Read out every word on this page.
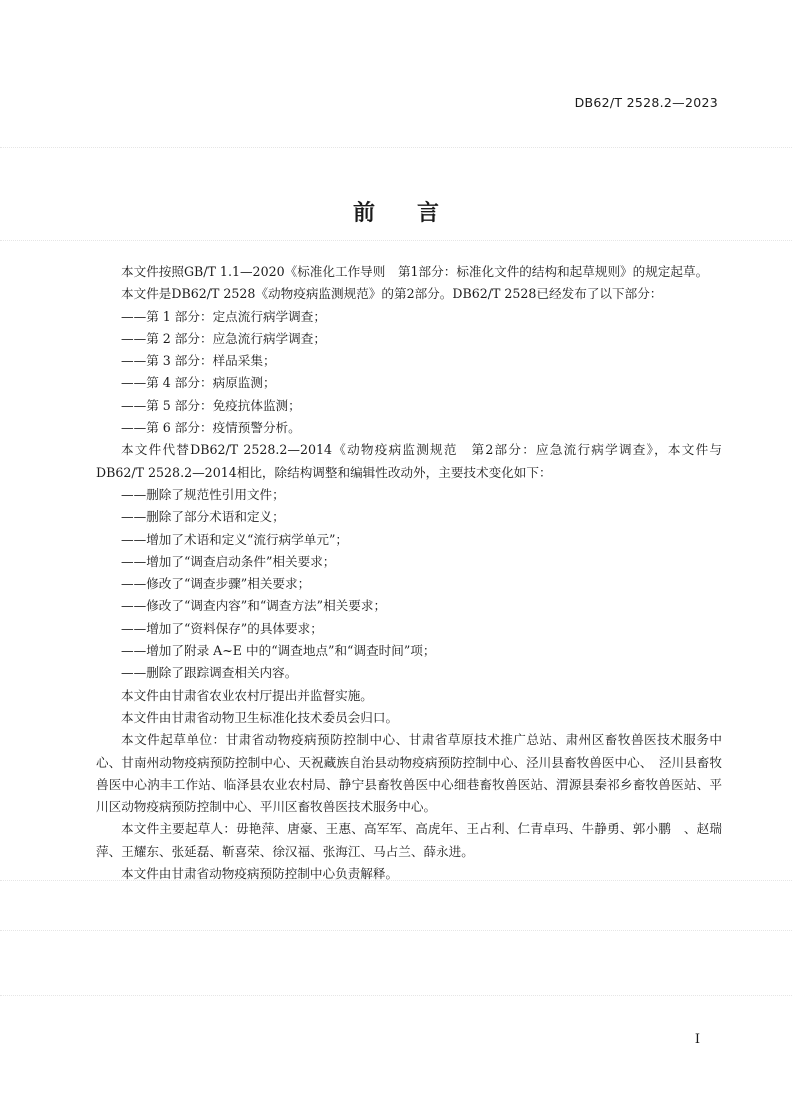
DB62/T 2528.2—2023
前言

本文件按照GB/T 1.1—2020《标准化工作导则　第1部分：标准化文件的结构和起草规则》的规定起草。

本文件是DB62/T 2528《动物疫病监测规范》的第2部分。DB62/T 2528已经发布了以下部分：

——第 1 部分：定点流行病学调查；

——第 2 部分：应急流行病学调查；

——第 3 部分：样品采集；

——第 4 部分：病原监测；

——第 5 部分：免疫抗体监测；

——第 6 部分：疫情预警分析。

本文件代替DB62/T 2528.2—2014《动物疫病监测规范　第2部分：应急流行病学调查》，本文件与DB62/T 2528.2—2014相比，除结构调整和编辑性改动外，主要技术变化如下：

——删除了规范性引用文件；

——删除了部分术语和定义；

——增加了术语和定义“流行病学单元”；

——增加了“调查启动条件”相关要求；

——修改了“调查步骤”相关要求；

——修改了“调查内容”和“调查方法”相关要求；

——增加了“资料保存”的具体要求；

——增加了附录 A~E 中的“调查地点”和“调查时间”项；

——删除了跟踪调查相关内容。

本文件由甘肃省农业农村厅提出并监督实施。

本文件由甘肃省动物卫生标准化技术委员会归口。

本文件起草单位：甘肃省动物疫病预防控制中心、甘肃省草原技术推广总站、肃州区畜牧兽医技术服务中心、甘南州动物疫病预防控制中心、天祝藏族自治县动物疫病预防控制中心、泾川县畜牧兽医中心、　泾川县畜牧兽医中心汭丰工作站、临泽县农业农村局、静宁县畜牧兽医中心细巷畜牧兽医站、渭源县秦祁乡畜牧兽医站、平川区动物疫病预防控制中心、平川区畜牧兽医技术服务中心。

本文件主要起草人：毋艳萍、唐豪、王惠、高军军、高虎年、王占利、仁青卓玛、牛静勇、郭小鹏　、赵瑞萍、王耀东、张延磊、靳喜荣、徐汉福、张海江、马占兰、薛永进。

本文件由甘肃省动物疫病预防控制中心负责解释。

I
